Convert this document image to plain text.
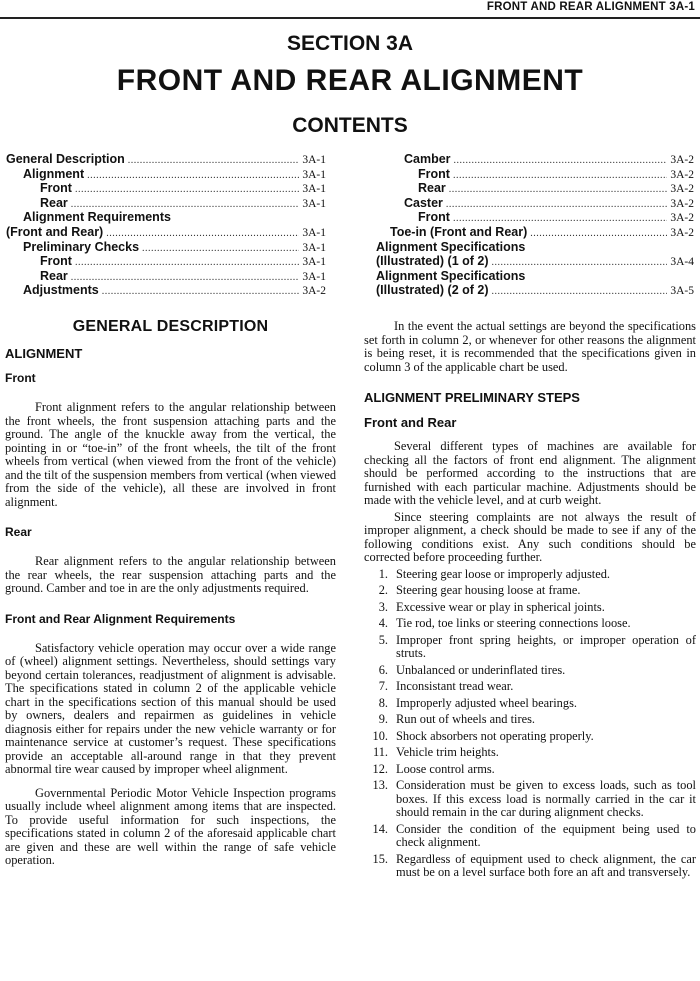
FRONT AND REAR ALIGNMENT 3A-1
SECTION 3A
FRONT AND REAR ALIGNMENT
CONTENTS
General Description . . .	3A-1
Alignment . . .	3A-1
Front . . .	3A-1
Rear . . .	3A-1
Alignment Requirements
(Front and Rear) . . .	3A-1
Preliminary Checks . . .	3A-1
Front . . .	3A-1
Rear . . .	3A-1
Adjustments . . .	3A-2
Camber . . .	3A-2
Front . . .	3A-2
Rear . . .	3A-2
Caster . . .	3A-2
Front . . .	3A-2
Toe-in (Front and Rear) . . .	3A-2
Alignment Specifications
(Illustrated) (1 of 2) . . .	3A-4
Alignment Specifications
(Illustrated) (2 of 2) . . .	3A-5
GENERAL DESCRIPTION
ALIGNMENT
Front

Front alignment refers to the angular relationship between the front wheels, the front suspension attaching parts and the ground. The angle of the knuckle away from the vertical, the pointing in or “toe-in” of the front wheels, the tilt of the front wheels from vertical (when viewed from the front of the vehicle) and the tilt of the suspension members from vertical (when viewed from the side of the vehicle), all these are involved in front alignment.

Rear

Rear alignment refers to the angular relationship between the rear wheels, the rear suspension attaching parts and the ground. Camber and toe in are the only adjustments required.

Front and Rear Alignment Requirements

Satisfactory vehicle operation may occur over a wide range of (wheel) alignment settings. Nevertheless, should settings vary beyond certain tolerances, readjustment of alignment is advisable. The specifications stated in column 2 of the applicable vehicle chart in the specifications section of this manual should be used by owners, dealers and repairmen as guidelines in vehicle diagnosis either for repairs under the new vehicle warranty or for maintenance service at customer’s request. These specifications provide an acceptable all-around range in that they prevent abnormal tire wear caused by improper wheel alignment.

Governmental Periodic Motor Vehicle Inspection programs usually include wheel alignment among items that are inspected. To provide useful information for such inspections, the specifications stated in column 2 of the aforesaid applicable chart are given and these are well within the range of safe vehicle operation.

In the event the actual settings are beyond the specifications set forth in column 2, or whenever for other reasons the alignment is being reset, it is recommended that the specifications given in column 3 of the applicable chart be used.

ALIGNMENT PRELIMINARY STEPS
Front and Rear

Several different types of machines are available for checking all the factors of front end alignment. The alignment should be performed according to the instructions that are furnished with each particular machine. Adjustments should be made with the vehicle level, and at curb weight.

Since steering complaints are not always the result of improper alignment, a check should be made to see if any of the following conditions exist. Any such conditions should be corrected before proceeding further.

1. Steering gear loose or improperly adjusted.
2. Steering gear housing loose at frame.
3. Excessive wear or play in spherical joints.
4. Tie rod, toe links or steering connections loose.
5. Improper front spring heights, or improper operation of struts.
6. Unbalanced or underinflated tires.
7. Inconsistant tread wear.
8. Improperly adjusted wheel bearings.
9. Run out of wheels and tires.
10. Shock absorbers not operating properly.
11. Vehicle trim heights.
12. Loose control arms.
13. Consideration must be given to excess loads, such as tool boxes. If this excess load is normally carried in the car it should remain in the car during alignment checks.
14. Consider the condition of the equipment being used to check alignment.
15. Regardless of equipment used to check alignment, the car must be on a level surface both fore an aft and transversely.
